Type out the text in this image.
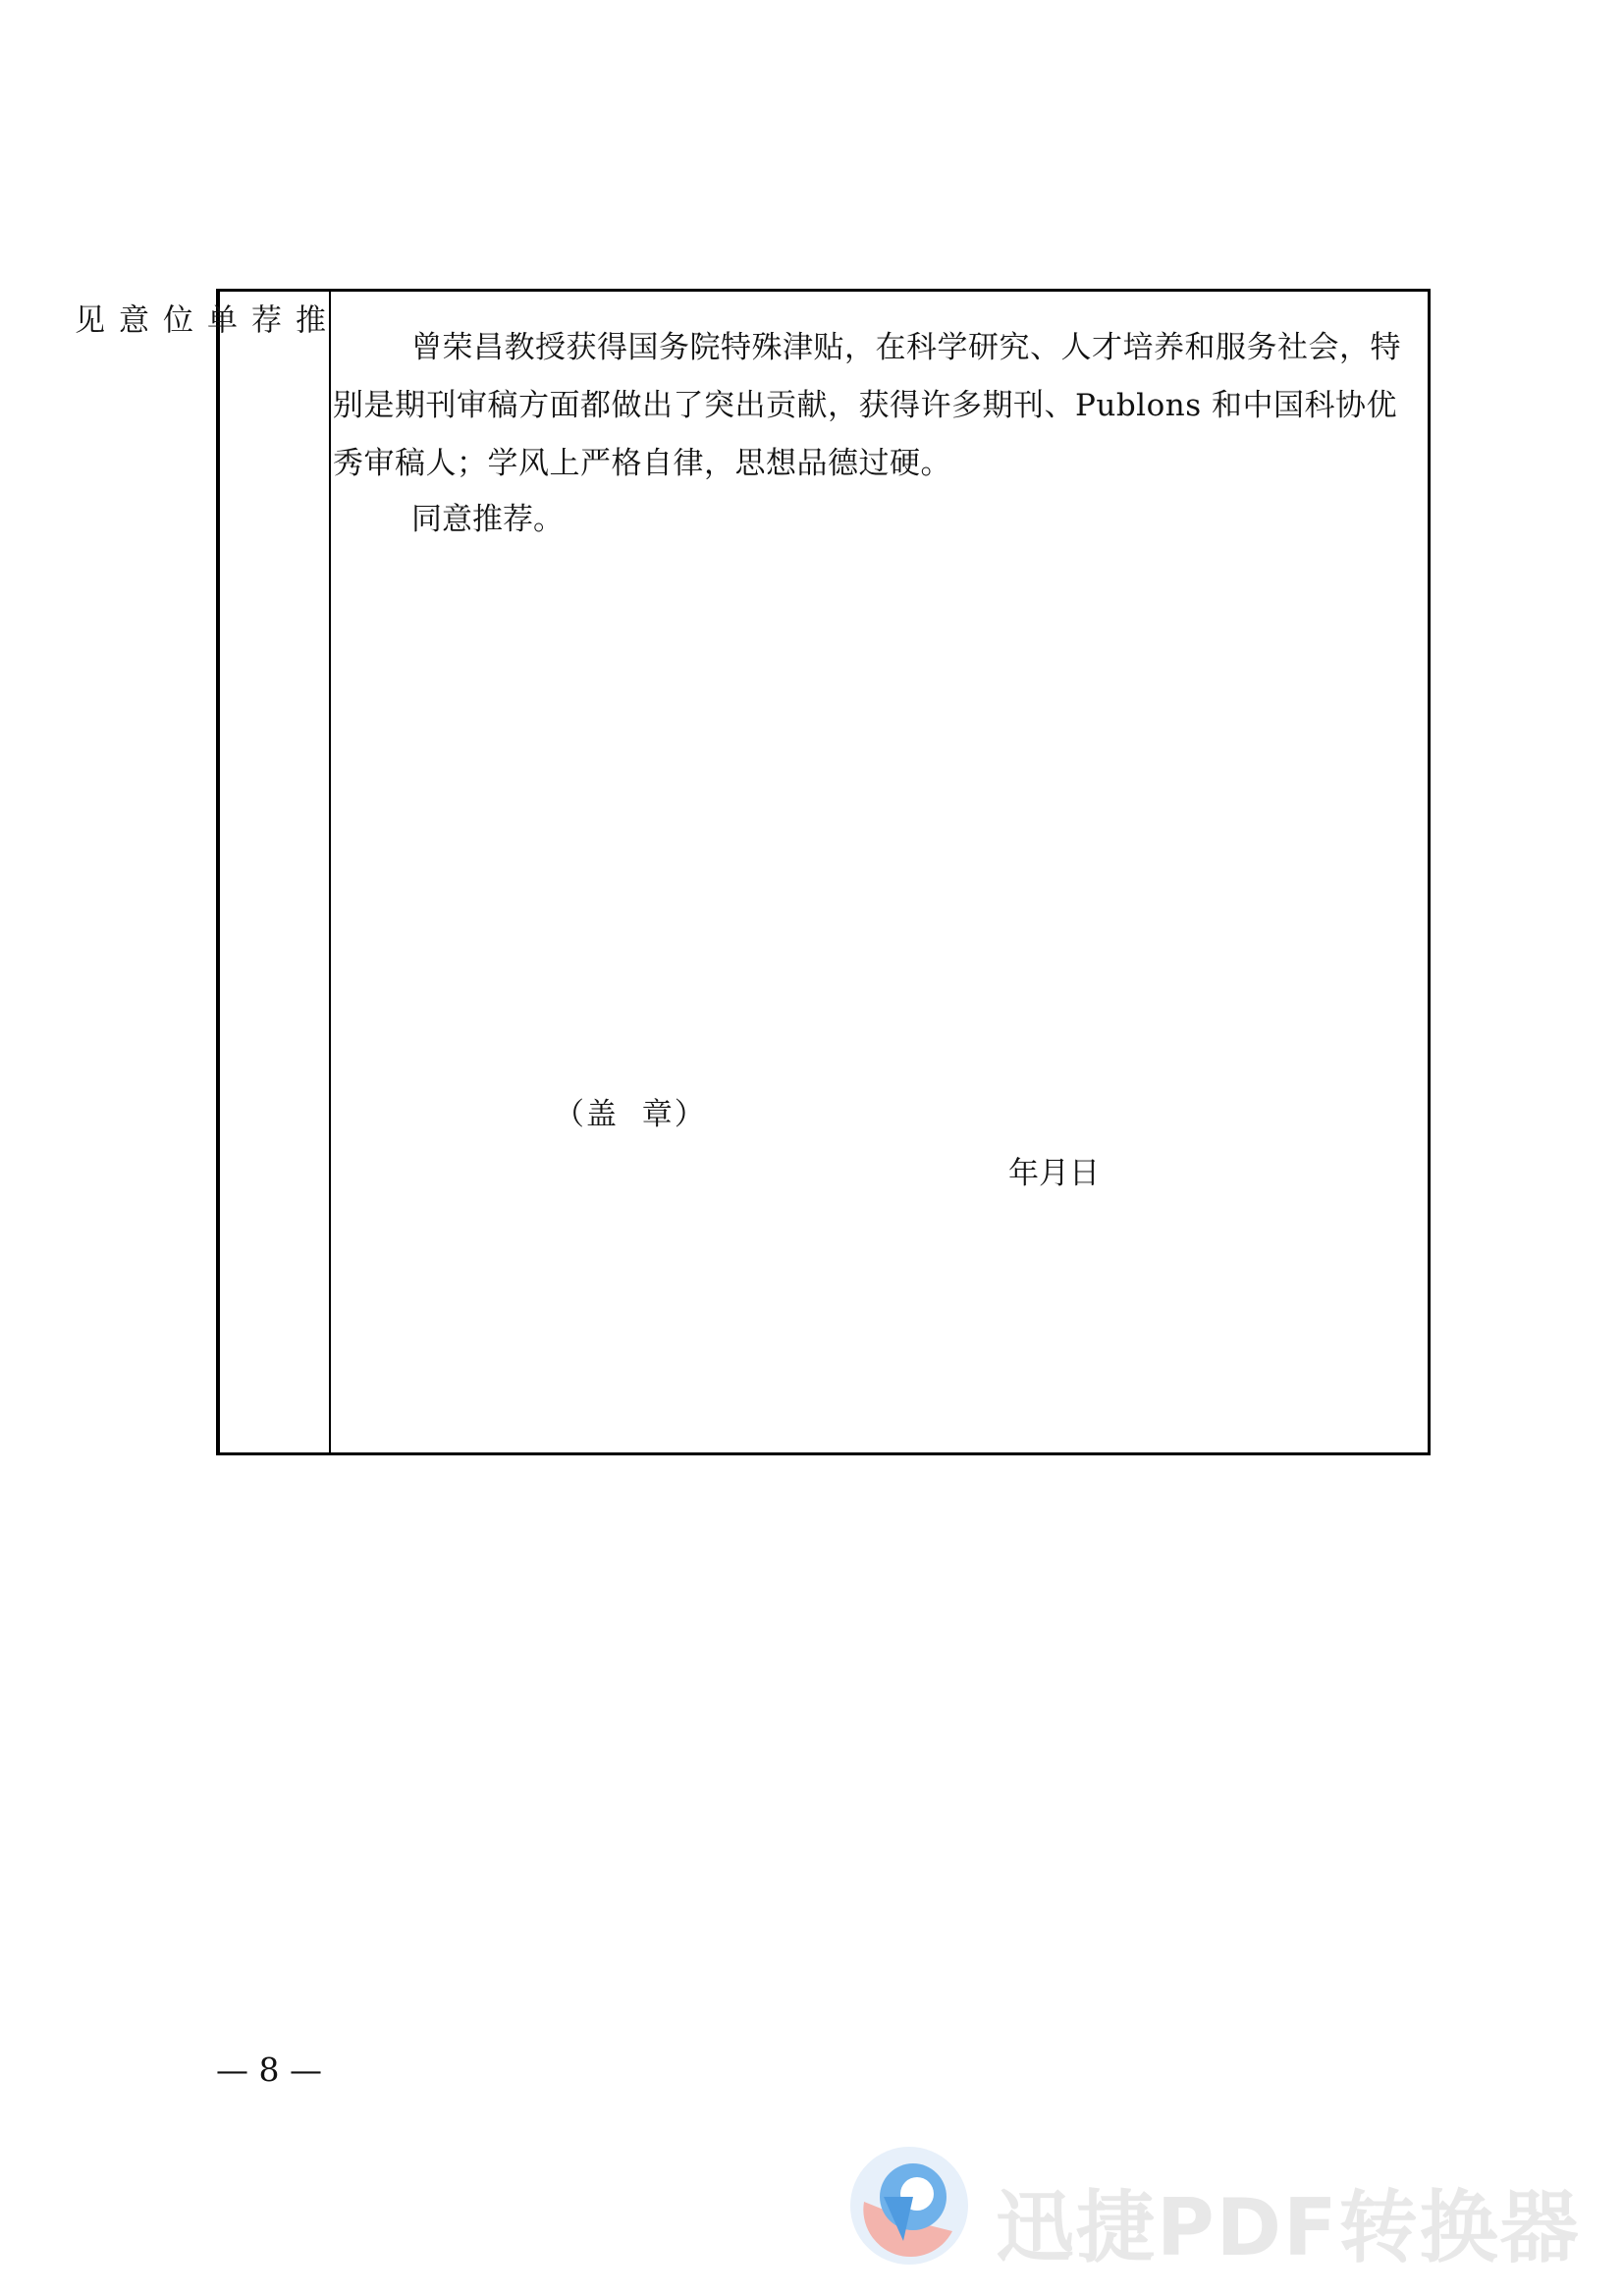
推
荐
单
位
意
见	曾荣昌教授获得国务院特殊津贴，在科学研究、人才培养和服务社会，特别是期刊审稿方面都做出了突出贡献，获得许多期刊、Publons 和中国科协优秀审稿人；学风上严格自律，思想品德过硬。
同意推荐。
（盖  章）
年月日
— 8 —
迅捷PDF转换器
